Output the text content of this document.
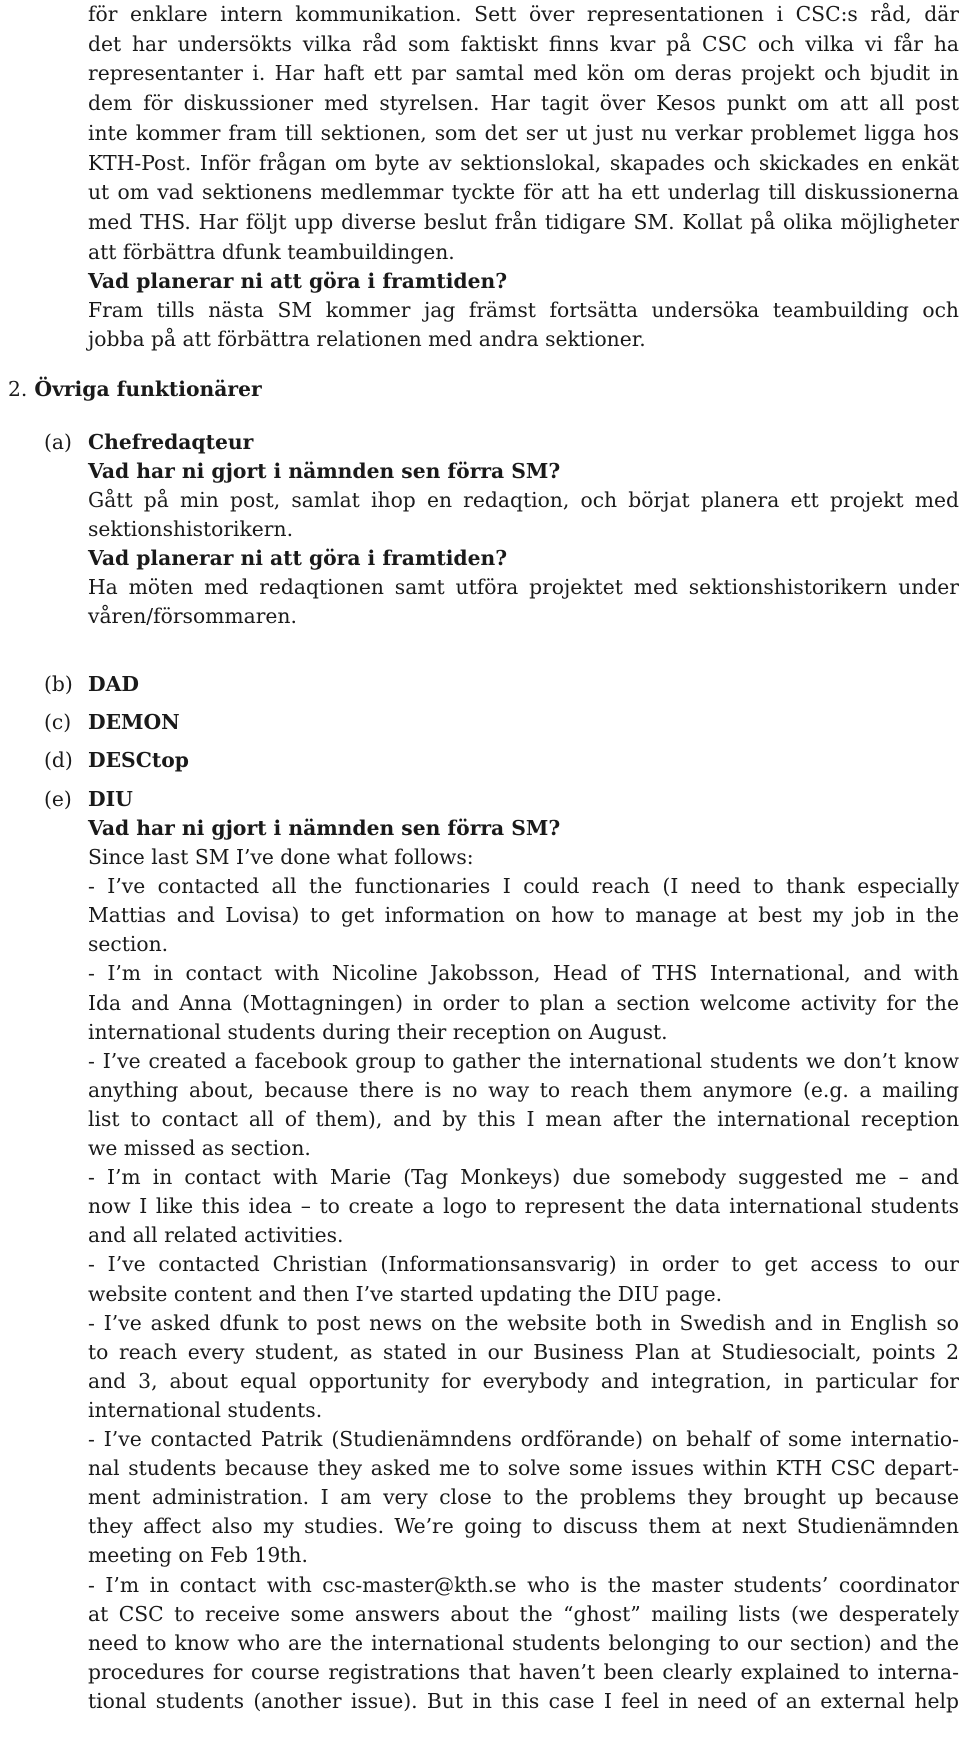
för enklare intern kommunikation. Sett över representationen i CSC:s råd, där
det har undersökts vilka råd som faktiskt finns kvar på CSC och vilka vi får ha
representanter i. Har haft ett par samtal med kön om deras projekt och bjudit in
dem för diskussioner med styrelsen. Har tagit över Kesos punkt om att all post
inte kommer fram till sektionen, som det ser ut just nu verkar problemet ligga hos
KTH-Post. Inför frågan om byte av sektionslokal, skapades och skickades en enkät
ut om vad sektionens medlemmar tyckte för att ha ett underlag till diskussionerna
med THS. Har följt upp diverse beslut från tidigare SM. Kollat på olika möjligheter
att förbättra dfunk teambuildingen.
Vad planerar ni att göra i framtiden?
Fram tills nästa SM kommer jag främst fortsätta undersöka teambuilding och
jobba på att förbättra relationen med andra sektioner.
2. Övriga funktionärer
(a) Chefredaqteur
Vad har ni gjort i nämnden sen förra SM?
Gått på min post, samlat ihop en redaqtion, och börjat planera ett projekt med
sektionshistorikern.
Vad planerar ni att göra i framtiden?
Ha möten med redaqtionen samt utföra projektet med sektionshistorikern under
våren/försommaren.
(b) DAD
(c) DEMON
(d) DESCtop
(e) DIU
Vad har ni gjort i nämnden sen förra SM?
Since last SM I’ve done what follows:
- I’ve contacted all the functionaries I could reach (I need to thank especially
Mattias and Lovisa) to get information on how to manage at best my job in the
section.
- I’m in contact with Nicoline Jakobsson, Head of THS International, and with
Ida and Anna (Mottagningen) in order to plan a section welcome activity for the
international students during their reception on August.
- I’ve created a facebook group to gather the international students we don’t know
anything about, because there is no way to reach them anymore (e.g. a mailing
list to contact all of them), and by this I mean after the international reception
we missed as section.
- I’m in contact with Marie (Tag Monkeys) due somebody suggested me – and
now I like this idea – to create a logo to represent the data international students
and all related activities.
- I’ve contacted Christian (Informationsansvarig) in order to get access to our
website content and then I’ve started updating the DIU page.
- I’ve asked dfunk to post news on the website both in Swedish and in English so
to reach every student, as stated in our Business Plan at Studiesocialt, points 2
and 3, about equal opportunity for everybody and integration, in particular for
international students.
- I’ve contacted Patrik (Studienämndens ordförande) on behalf of some internatio-
nal students because they asked me to solve some issues within KTH CSC depart-
ment administration. I am very close to the problems they brought up because
they affect also my studies. We’re going to discuss them at next Studienämnden
meeting on Feb 19th.
- I’m in contact with csc-master@kth.se who is the master students’ coordinator
at CSC to receive some answers about the “ghost” mailing lists (we desperately
need to know who are the international students belonging to our section) and the
procedures for course registrations that haven’t been clearly explained to interna-
tional students (another issue). But in this case I feel in need of an external help
